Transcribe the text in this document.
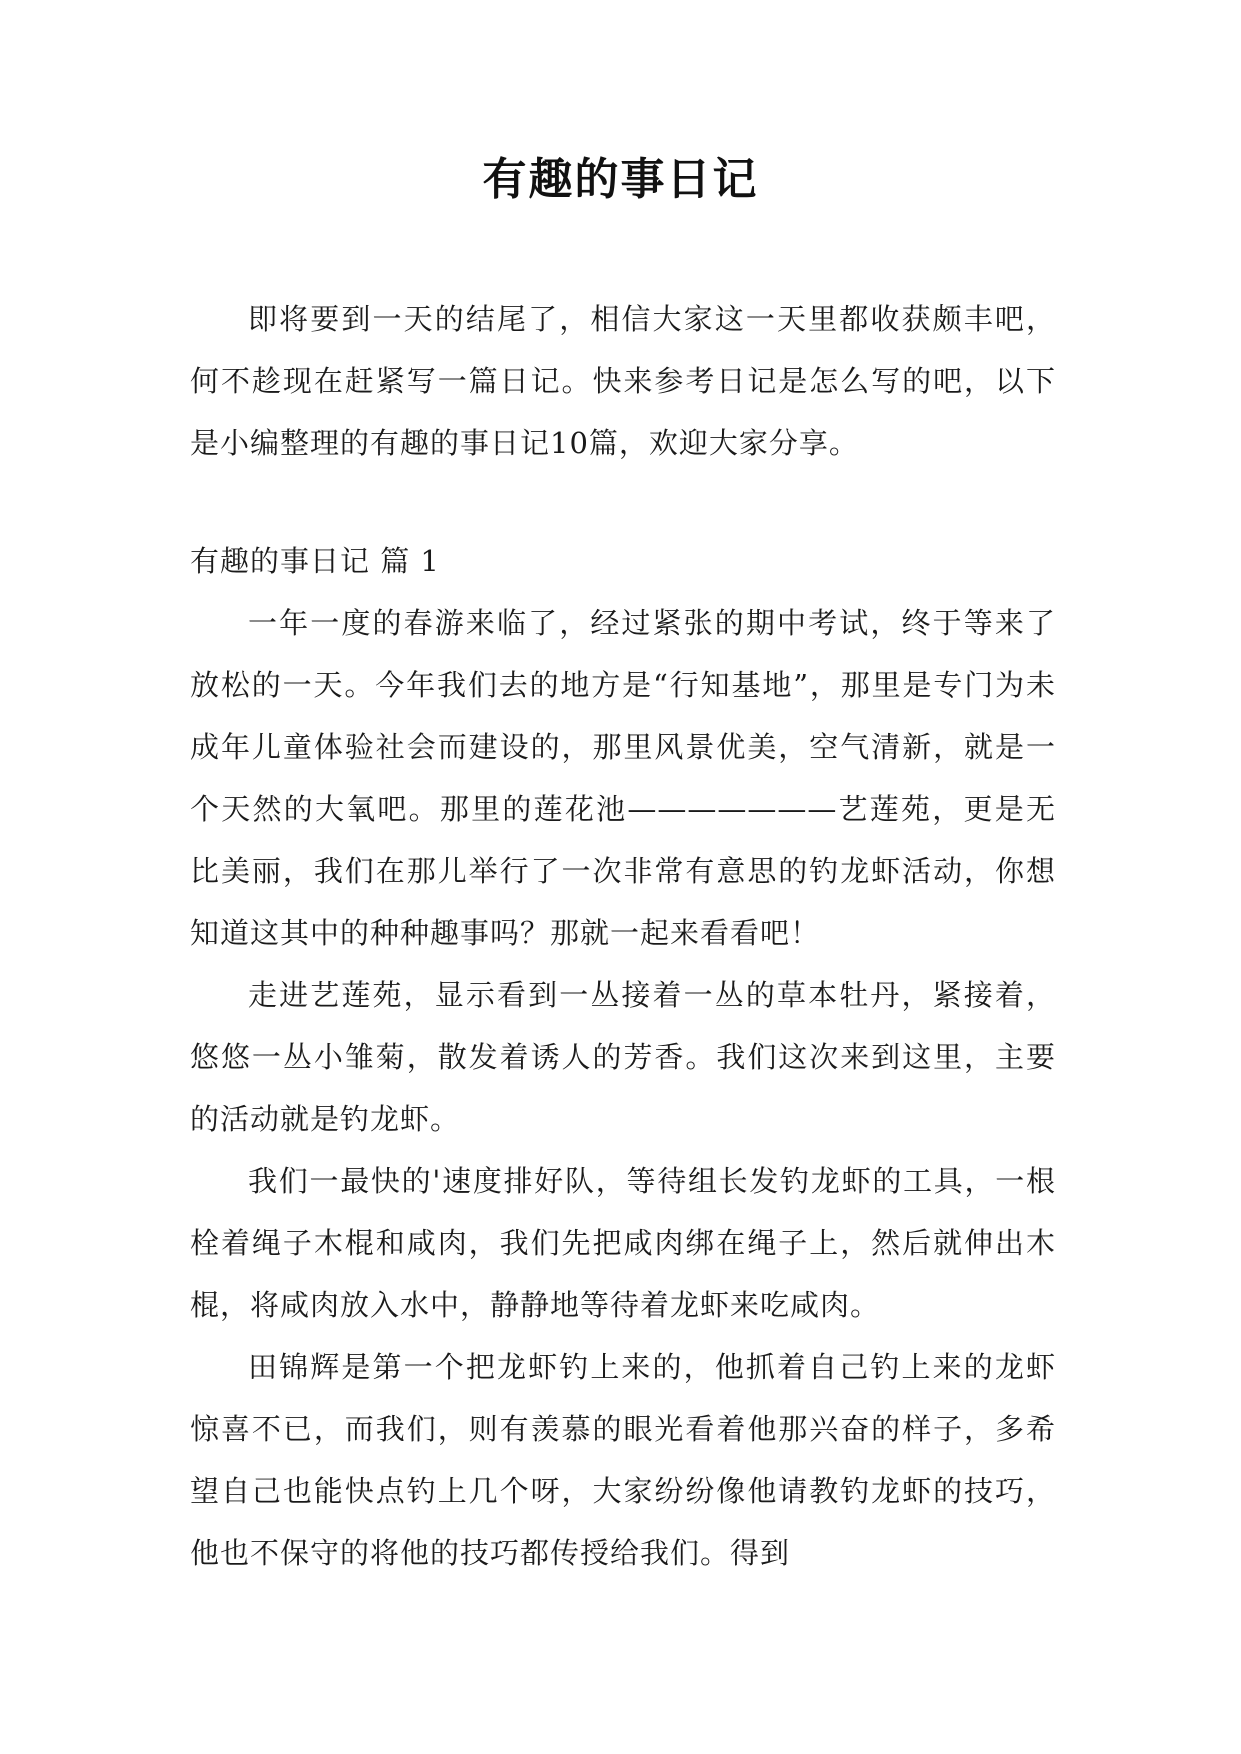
有趣的事日记

即将要到一天的结尾了，相信大家这一天里都收获颇丰吧，何不趁现在赶紧写一篇日记。快来参考日记是怎么写的吧，以下是小编整理的有趣的事日记10篇，欢迎大家分享。

有趣的事日记 篇 1

一年一度的春游来临了，经过紧张的期中考试，终于等来了放松的一天。今年我们去的地方是“行知基地”，那里是专门为未成年儿童体验社会而建设的，那里风景优美，空气清新，就是一个天然的大氧吧。那里的莲花池———————艺莲苑，更是无比美丽，我们在那儿举行了一次非常有意思的钓龙虾活动，你想知道这其中的种种趣事吗？那就一起来看看吧！

走进艺莲苑，显示看到一丛接着一丛的草本牡丹，紧接着，悠悠一丛小雏菊，散发着诱人的芳香。我们这次来到这里，主要的活动就是钓龙虾。

我们一最快的'速度排好队，等待组长发钓龙虾的工具，一根栓着绳子木棍和咸肉，我们先把咸肉绑在绳子上，然后就伸出木棍，将咸肉放入水中，静静地等待着龙虾来吃咸肉。

田锦辉是第一个把龙虾钓上来的，他抓着自己钓上来的龙虾惊喜不已，而我们，则有羡慕的眼光看着他那兴奋的样子，多希望自己也能快点钓上几个呀，大家纷纷像他请教钓龙虾的技巧，他也不保守的将他的技巧都传授给我们。得到
